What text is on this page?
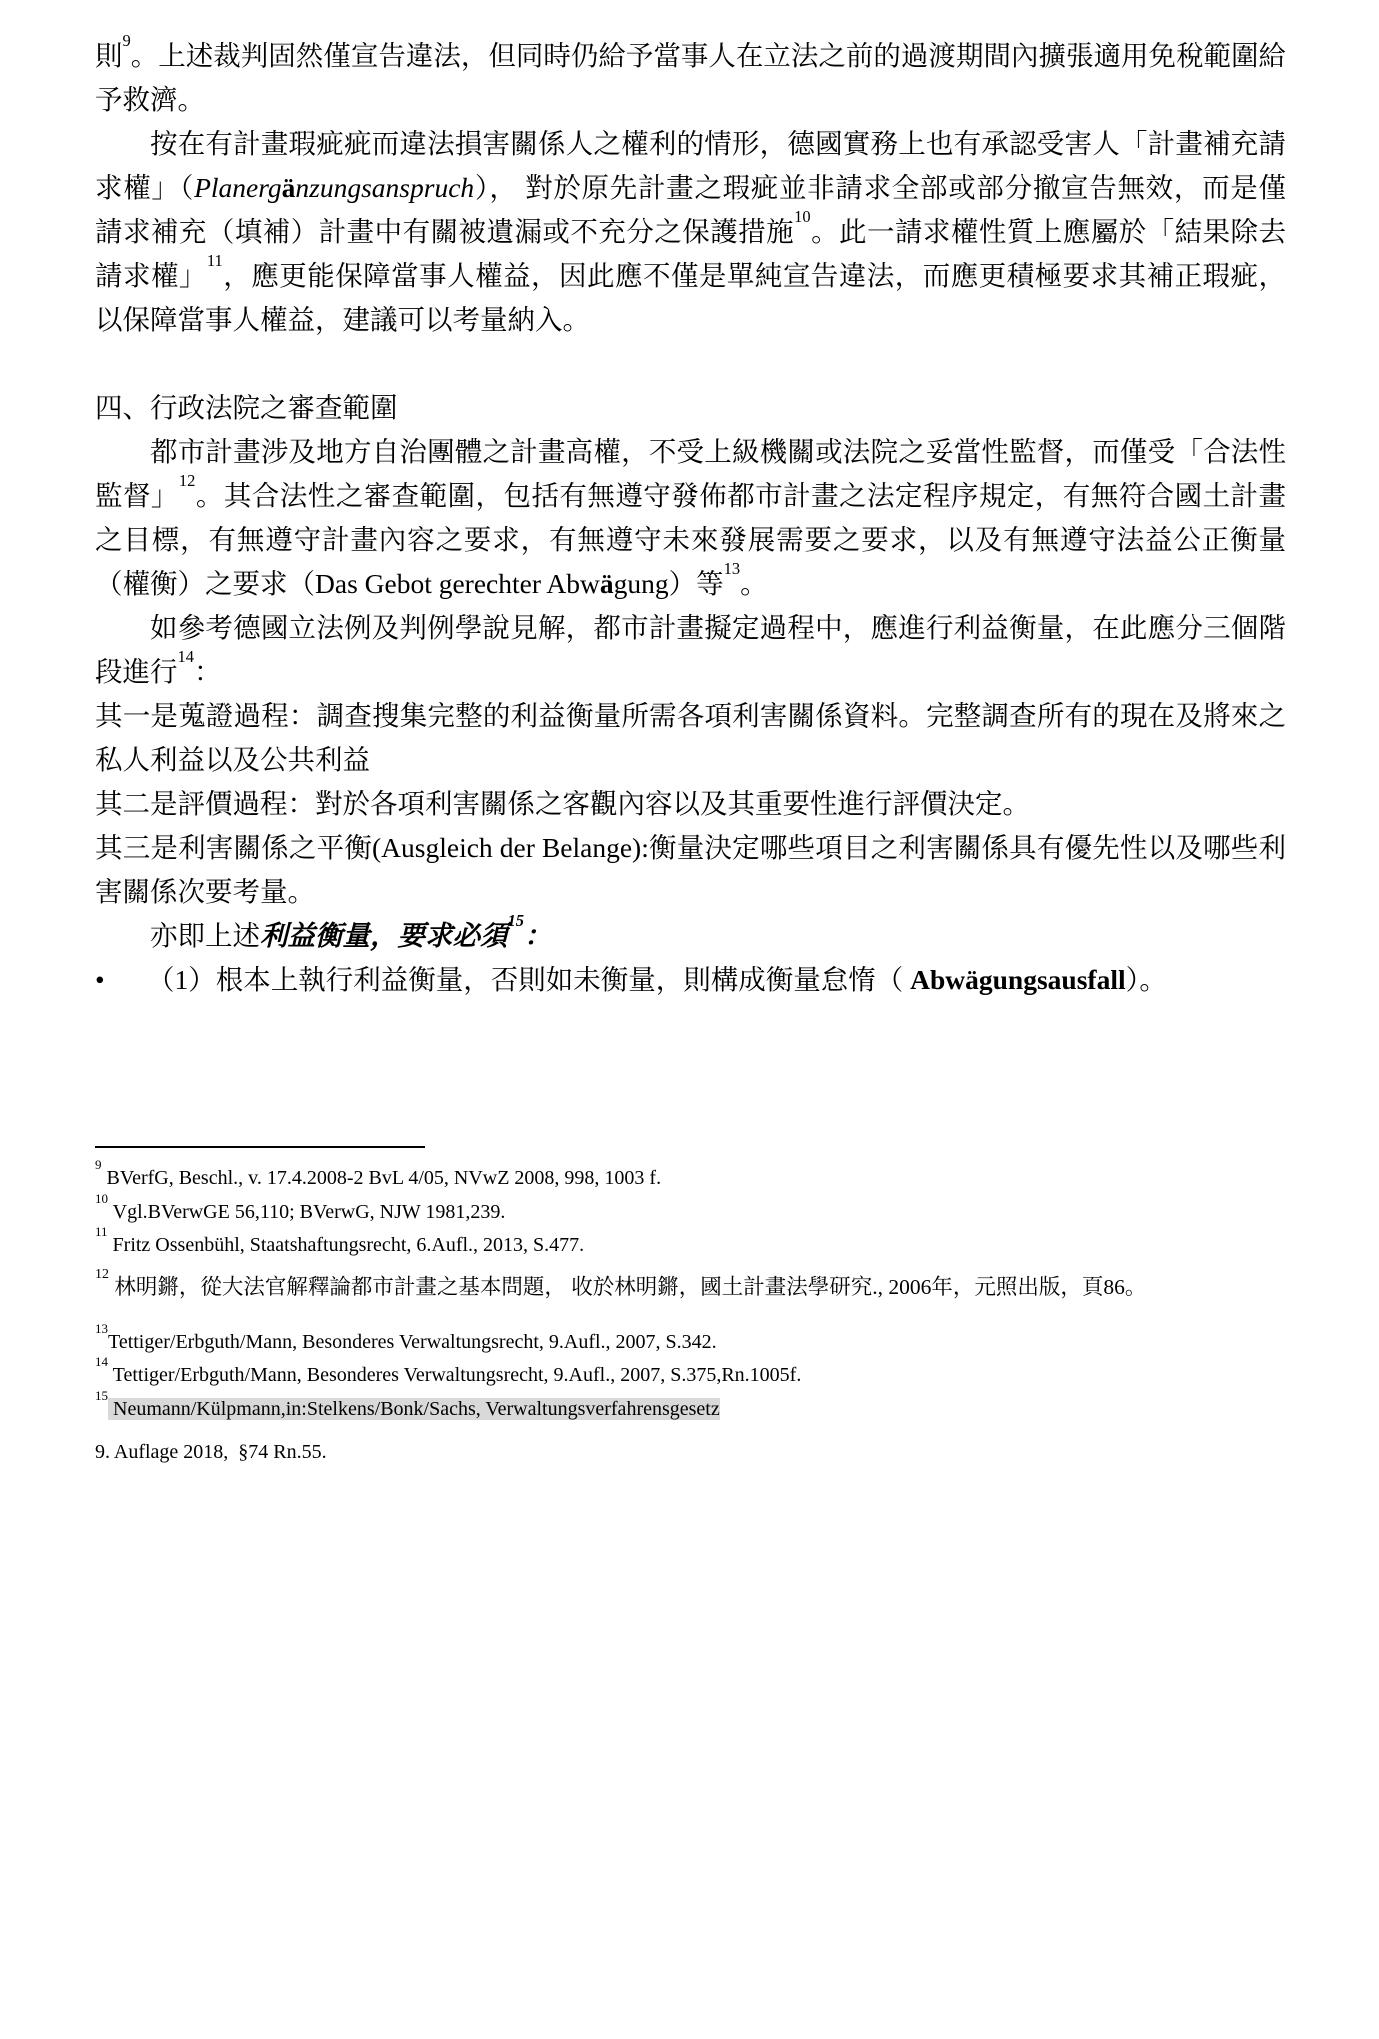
則$^9$。上述裁判固然僅宣告違法，但同時仍給予當事人在立法之前的過渡期間內擴張適用免稅範圍給予救濟。

按在有計畫瑕疵疵而違法損害關係人之權利的情形，德國實務上也有承認受害人「計畫補充請求權」（Planergänzungsanspruch）， 對於原先計畫之瑕疵並非請求全部或部分撤宣告無效，而是僅請求補充（填補）計畫中有關被遺漏或不充分之保護措施$^{10}$。此一請求權性質上應屬於「結果除去請求權」$^{11}$，應更能保障當事人權益，因此應不僅是單純宣告違法，而應更積極要求其補正瑕疵，以保障當事人權益，建議可以考量納入。

四、行政法院之審查範圍

都市計畫涉及地方自治團體之計畫高權，不受上級機關或法院之妥當性監督，而僅受「合法性監督」$^{12}$。其合法性之審查範圍，包括有無遵守發佈都市計畫之法定程序規定，有無符合國土計畫之目標，有無遵守計畫內容之要求，有無遵守未來發展需要之要求，以及有無遵守法益公正衡量（權衡）之要求（Das Gebot gerechter Abwägung）等$^{13}$。

如參考德國立法例及判例學說見解，都市計畫擬定過程中，應進行利益衡量，在此應分三個階段進行$^{14}$：

其一是蒐證過程：調查搜集完整的利益衡量所需各項利害關係資料。完整調查所有的現在及將來之私人利益以及公共利益

其二是評價過程：對於各項利害關係之客觀內容以及其重要性進行評價決定。

其三是利害關係之平衡(Ausgleich der Belange):衡量決定哪些項目之利害關係具有優先性以及哪些利害關係次要考量。

亦即上述利益衡量，要求必須$^{15}$：

• （1）根本上執行利益衡量，否則如未衡量，則構成衡量怠惰（ Abwägungsausfall）。

$^9$ BVerfG, Beschl., v. 17.4.2008-2 BvL 4/05, NVwZ 2008, 998, 1003 f.
$^{10}$ Vgl.BVerwGE 56,110; BVerwG, NJW 1981,239.
$^{11}$ Fritz Ossenbühl, Staatshaftungsrecht, 6.Aufl., 2013, S.477.
$^{12}$ 林明鏘，從大法官解釋論都市計畫之基本問題， 收於林明鏘，國土計畫法學研究., 2006年，元照出版，頁86。
$^{13}$Tettiger/Erbguth/Mann, Besonderes Verwaltungsrecht, 9.Aufl., 2007, S.342.
$^{14}$ Tettiger/Erbguth/Mann, Besonderes Verwaltungsrecht, 9.Aufl., 2007, S.375,Rn.1005f.
$^{15}$ Neumann/Külpmann,in:Stelkens/Bonk/Sachs, Verwaltungsverfahrensgesetz
9. Auflage 2018,  §74 Rn.55.
